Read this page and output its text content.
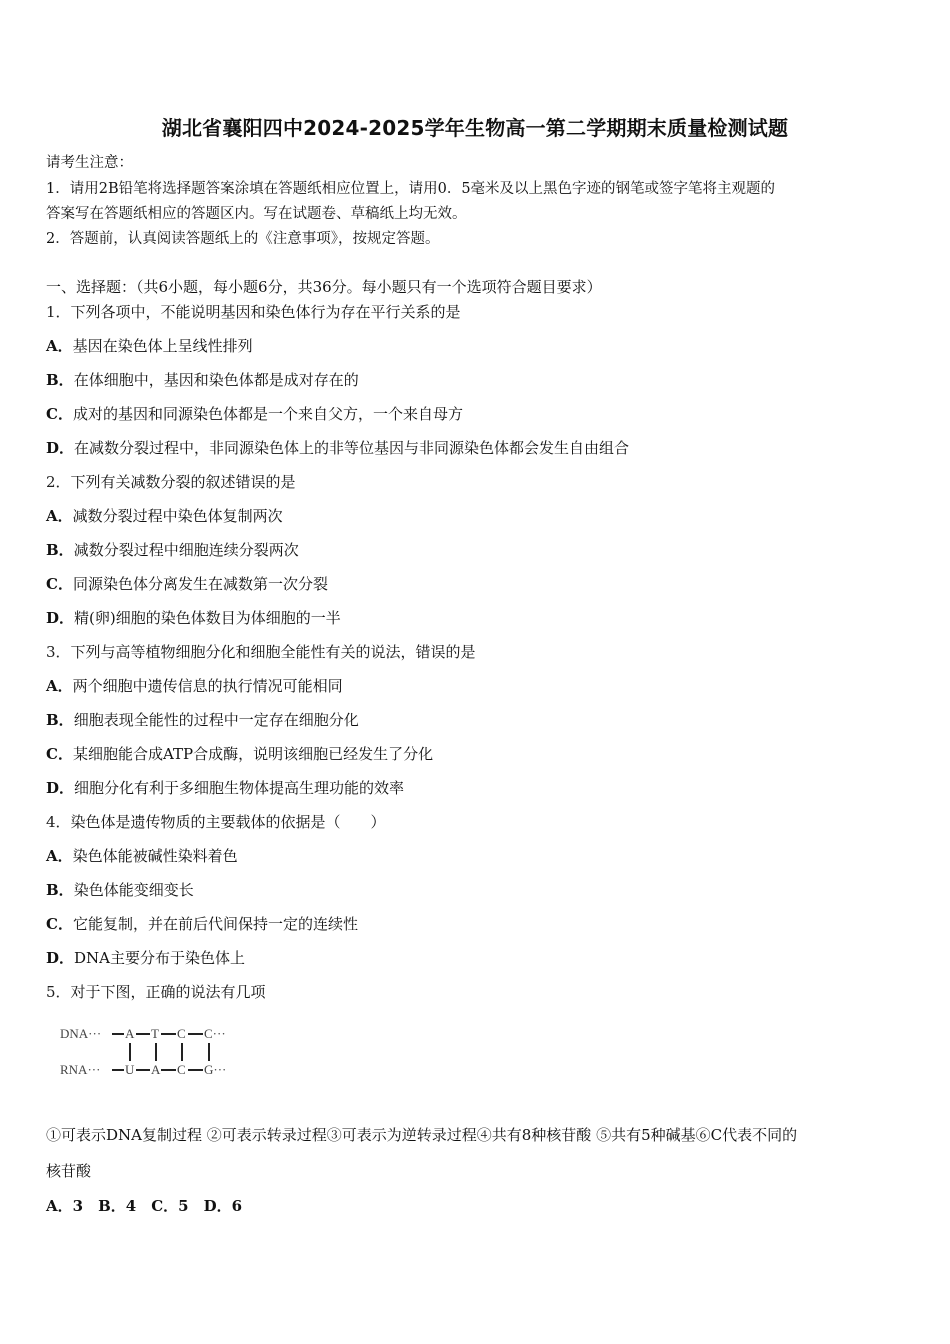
湖北省襄阳四中2024-2025学年生物高一第二学期期末质量检测试题
请考生注意：
1．请用2B铅笔将选择题答案涂填在答题纸相应位置上，请用0．5毫米及以上黑色字迹的钢笔或签字笔将主观题的
答案写在答题纸相应的答题区内。写在试题卷、草稿纸上均无效。
2．答题前，认真阅读答题纸上的《注意事项》，按规定答题。
一、选择题：（共6小题，每小题6分，共36分。每小题只有一个选项符合题目要求）
1．下列各项中，不能说明基因和染色体行为存在平行关系的是
A．基因在染色体上呈线性排列
B．在体细胞中，基因和染色体都是成对存在的
C．成对的基因和同源染色体都是一个来自父方，一个来自母方
D．在减数分裂过程中，非同源染色体上的非等位基因与非同源染色体都会发生自由组合
2．下列有关减数分裂的叙述错误的是
A．减数分裂过程中染色体复制两次
B．减数分裂过程中细胞连续分裂两次
C．同源染色体分离发生在减数第一次分裂
D．精(卵)细胞的染色体数目为体细胞的一半
3．下列与高等植物细胞分化和细胞全能性有关的说法，错误的是
A．两个细胞中遗传信息的执行情况可能相同
B．细胞表现全能性的过程中一定存在细胞分化
C．某细胞能合成ATP合成酶，说明该细胞已经发生了分化
D．细胞分化有利于多细胞生物体提高生理功能的效率
4．染色体是遗传物质的主要载体的依据是（　　）
A．染色体能被碱性染料着色
B．染色体能变细变长
C．它能复制，并在前后代间保持一定的连续性
D．DNA主要分布于染色体上
5．对于下图，正确的说法有几项
DNA··· A T C C···
RNA··· U A C G···
①可表示DNA复制过程 ②可表示转录过程③可表示为逆转录过程④共有8种核苷酸 ⑤共有5种碱基⑥C代表不同的
核苷酸
A．3　B．4　C．5　D．6
